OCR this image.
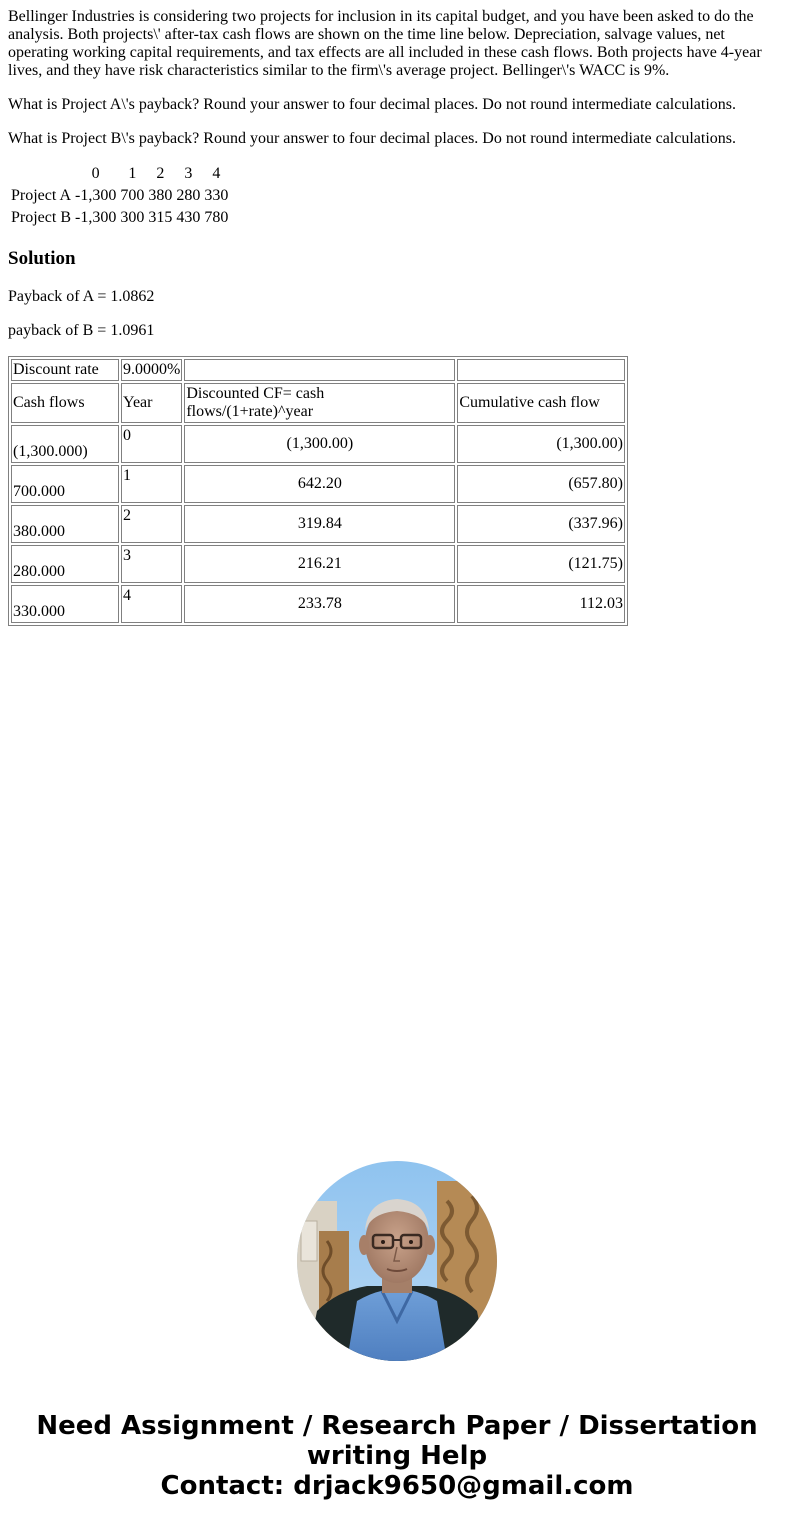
Bellinger Industries is considering two projects for inclusion in its capital budget, and you have been asked to do the analysis. Both projects\' after-tax cash flows are shown on the time line below. Depreciation, salvage values, net operating working capital requirements, and tax effects are all included in these cash flows. Both projects have 4-year lives, and they have risk characteristics similar to the firm\'s average project. Bellinger\'s WACC is 9%.

What is Project A\'s payback? Round your answer to four decimal places. Do not round intermediate calculations.

What is Project B\'s payback? Round your answer to four decimal places. Do not round intermediate calculations.

	0	1	2	3	4
Project A	-1,300	700	380	280	330
Project B	-1,300	300	315	430	780
Solution

Payback of A = 1.0862

payback of B = 1.0961

Discount rate	9.0000%		
Cash flows	Year	Discounted CF= cash flows/(1+rate)^year	Cumulative cash flow
(1,300.000)	0	(1,300.00)	(1,300.00)
700.000	1	642.20	(657.80)
380.000	2	319.84	(337.96)
280.000	3	216.21	(121.75)
330.000	4	233.78	112.03
Need Assignment / Research Paper / Dissertation
writing Help
Contact: drjack9650@gmail.com
